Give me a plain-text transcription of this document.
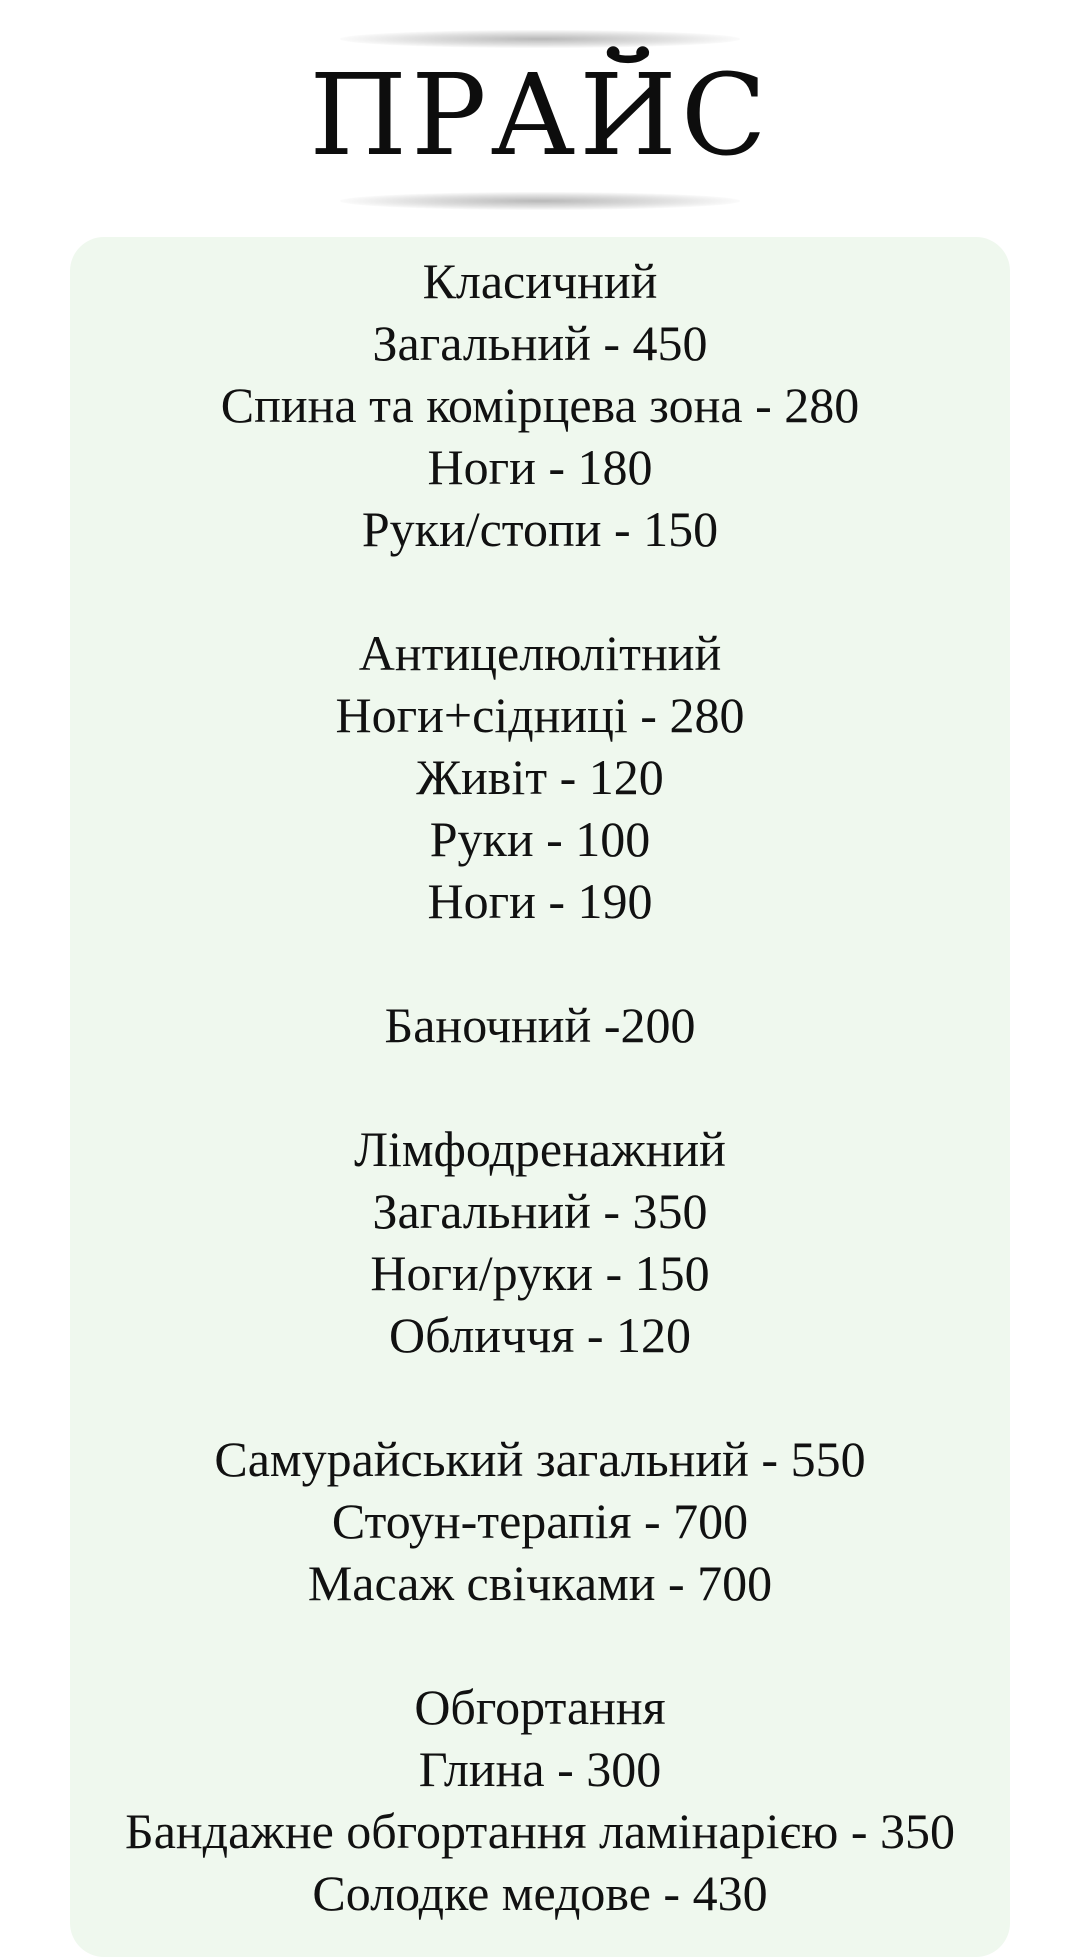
ПРАЙС
Класичний
Загальний - 450
Спина та комірцева зона - 280
Ноги - 180
Руки/стопи - 150
Антицелюлітний
Ноги+сідниці - 280
Живіт - 120
Руки - 100
Ноги - 190
Баночний -200
Лімфодренажний
Загальний - 350
Ноги/руки - 150
Обличчя - 120
Самурайський загальний - 550
Стоун-терапія - 700
Масаж свічками - 700
Обгортання
Глина - 300
Бандажне обгортання ламінарією - 350
Солодке медове - 430
